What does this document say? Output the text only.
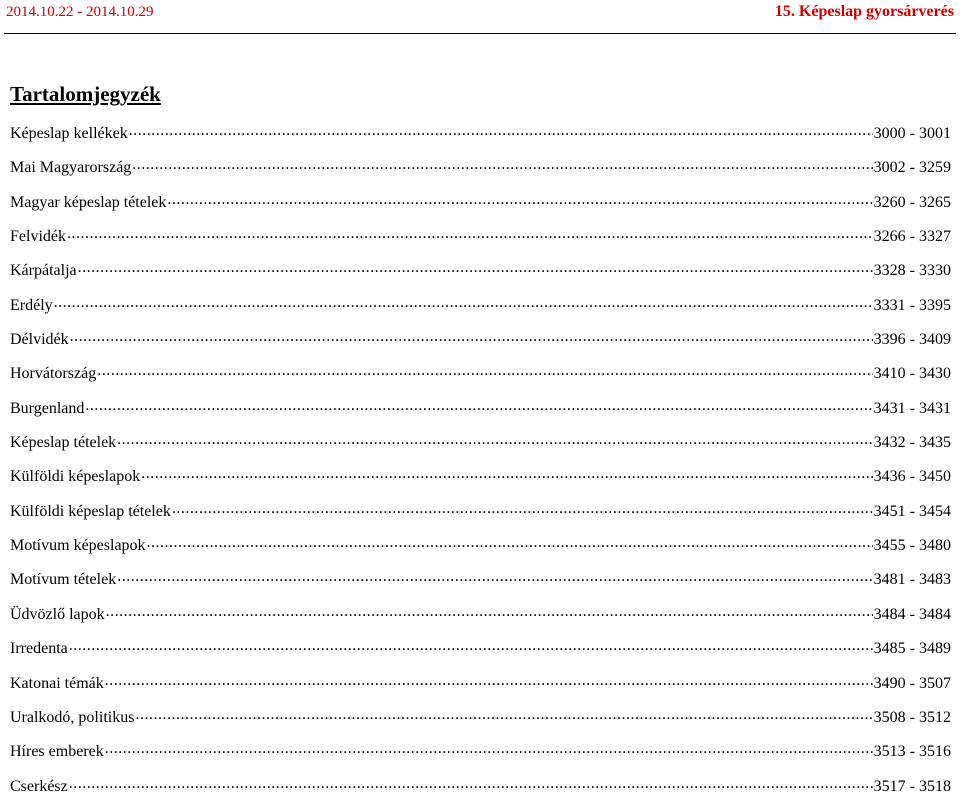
2014.10.22 - 2014.10.29	15. Képeslap gyorsárverés
Tartalomjegyzék
Képeslap kellékek .....	3000 - 3001
Mai Magyarország .....	3002 - 3259
Magyar képeslap tételek .....	3260 - 3265
Felvidék .....	3266 - 3327
Kárpátalja .....	3328 - 3330
Erdély .....	3331 - 3395
Délvidék .....	3396 - 3409
Horvátország .....	3410 - 3430
Burgenland .....	3431 - 3431
Képeslap tételek .....	3432 - 3435
Külföldi képeslapok .....	3436 - 3450
Külföldi képeslap tételek .....	3451 - 3454
Motívum képeslapok .....	3455 - 3480
Motívum tételek .....	3481 - 3483
Üdvözlő lapok .....	3484 - 3484
Irredenta .....	3485 - 3489
Katonai témák .....	3490 - 3507
Uralkodó, politikus .....	3508 - 3512
Híres emberek .....	3513 - 3516
Cserkész .....	3517 - 3518
